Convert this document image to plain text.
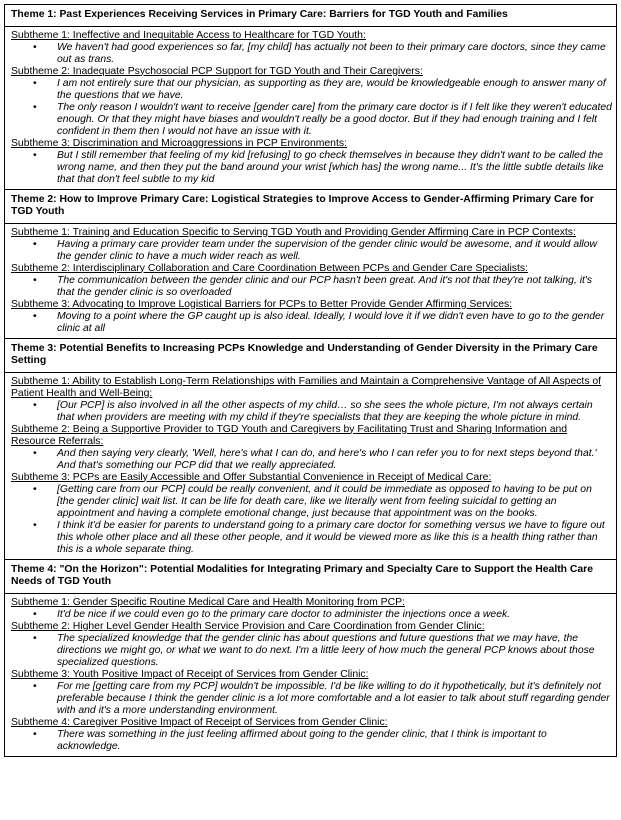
Theme 1: Past Experiences Receiving Services in Primary Care: Barriers for TGD Youth and Families
Subtheme 1: Ineffective and Inequitable Access to Healthcare for TGD Youth:
• We haven't had good experiences so far, [my child] has actually not been to their primary care doctors, since they came out as trans.
Subtheme 2: Inadequate Psychosocial PCP Support for TGD Youth and Their Caregivers:
• I am not entirely sure that our physician, as supporting as they are, would be knowledgeable enough to answer many of the questions that we have.
• The only reason I wouldn't want to receive [gender care] from the primary care doctor is if I felt like they weren't educated enough. Or that they might have biases and wouldn't really be a good doctor. But if they had enough training and I felt confident in them then I would not have an issue with it.
Subtheme 3: Discrimination and Microaggressions in PCP Environments:
• But I still remember that feeling of my kid [refusing] to go check themselves in because they didn't want to be called the wrong name, and then they put the band around your wrist [which has] the wrong name... It's the little subtle details like that that don't feel subtle to my kid
Theme 2: How to Improve Primary Care: Logistical Strategies to Improve Access to Gender-Affirming Primary Care for TGD Youth
Subtheme 1: Training and Education Specific to Serving TGD Youth and Providing Gender Affirming Care in PCP Contexts:
• Having a primary care provider team under the supervision of the gender clinic would be awesome, and it would allow the gender clinic to have a much wider reach as well.
Subtheme 2: Interdisciplinary Collaboration and Care Coordination Between PCPs and Gender Care Specialists:
• The communication between the gender clinic and our PCP hasn't been great. And it's not that they're not talking, it's that the gender clinic is so overloaded
Subtheme 3: Advocating to Improve Logistical Barriers for PCPs to Better Provide Gender Affirming Services:
• Moving to a point where the GP caught up is also ideal. Ideally, I would love it if we didn't even have to go to the gender clinic at all
Theme 3: Potential Benefits to Increasing PCPs Knowledge and Understanding of Gender Diversity in the Primary Care Setting
Subtheme 1: Ability to Establish Long-Term Relationships with Families and Maintain a Comprehensive Vantage of All Aspects of Patient Health and Well-Being:
• [Our PCP] is also involved in all the other aspects of my child… so she sees the whole picture, I'm not always certain that when providers are meeting with my child if they're specialists that they are keeping the whole picture in mind.
Subtheme 2: Being a Supportive Provider to TGD Youth and Caregivers by Facilitating Trust and Sharing Information and Resource Referrals:
• And then saying very clearly, 'Well, here's what I can do, and here's who I can refer you to for next steps beyond that.' And that's something our PCP did that we really appreciated.
Subtheme 3: PCPs are Easily Accessible and Offer Substantial Convenience in Receipt of Medical Care:
• [Getting care from our PCP] could be really convenient, and it could be immediate as opposed to having to be put on [the gender clinic] wait list. It can be life for death care, like we literally went from feeling suicidal to getting an appointment and having a complete emotional change, just because that appointment was on the books.
• I think it'd be easier for parents to understand going to a primary care doctor for something versus we have to figure out this whole other place and all these other people, and it would be viewed more as like this is a health thing rather than this is a whole separate thing.
Theme 4: "On the Horizon": Potential Modalities for Integrating Primary and Specialty Care to Support the Health Care Needs of TGD Youth
Subtheme 1: Gender Specific Routine Medical Care and Health Monitoring from PCP:
• It'd be nice if we could even go to the primary care doctor to administer the injections once a week.
Subtheme 2: Higher Level Gender Health Service Provision and Care Coordination from Gender Clinic:
• The specialized knowledge that the gender clinic has about questions and future questions that we may have, the directions we might go, or what we want to do next. I'm a little leery of how much the general PCP knows about those specialized questions.
Subtheme 3: Youth Positive Impact of Receipt of Services from Gender Clinic:
• For me [getting care from my PCP] wouldn't be impossible. I'd be like willing to do it hypothetically, but it's definitely not preferable because I think the gender clinic is a lot more comfortable and a lot easier to talk about stuff regarding gender with and it's a more understanding environment.
Subtheme 4: Caregiver Positive Impact of Receipt of Services from Gender Clinic:
• There was something in the just feeling affirmed about going to the gender clinic, that I think is important to acknowledge.
